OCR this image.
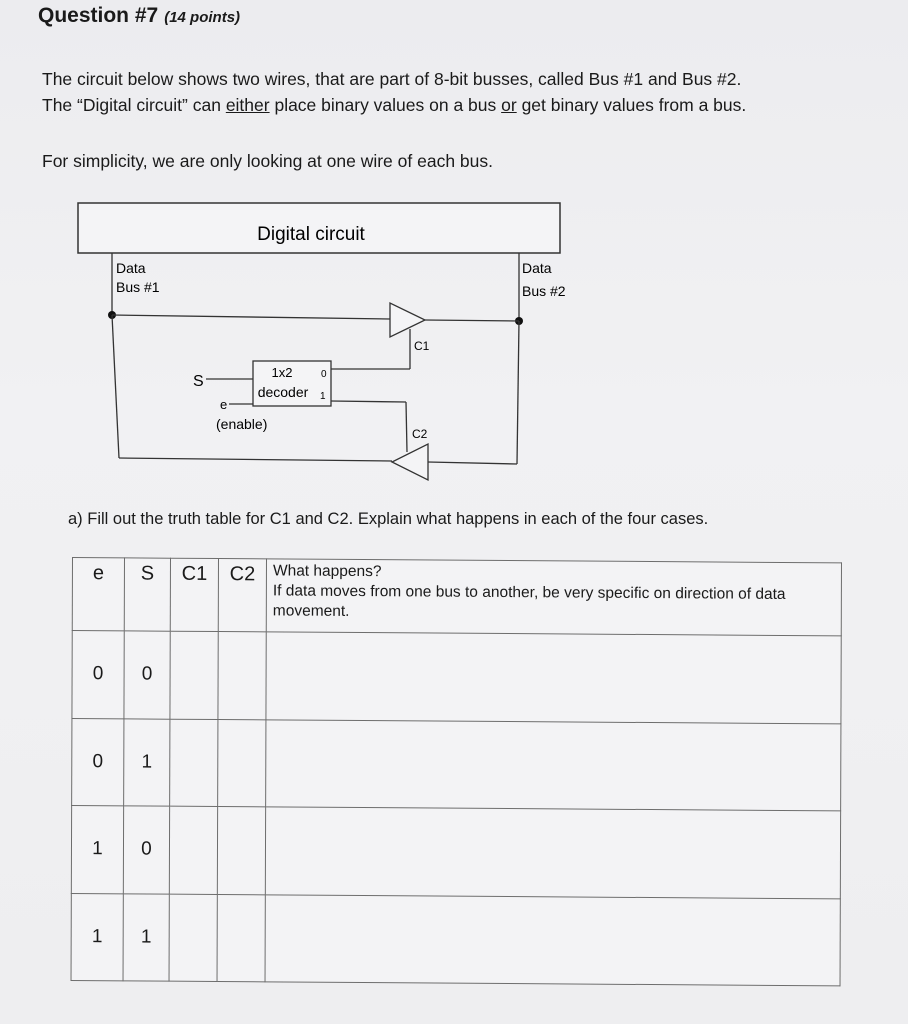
Question #7 (14 points)
The circuit below shows two wires, that are part of 8-bit busses, called Bus #1 and Bus #2.
The “Digital circuit” can either place binary values on a bus or get binary values from a bus.
For simplicity, we are only looking at one wire of each bus.
Digital circuit
Data
Bus #1
Data
Bus #2
C1
C2
1x2
decoder
0
1
S
e
(enable)
a) Fill out the truth table for C1 and C2. Explain what happens in each of the four cases.
e	S	C1	C2	What happens?
If data moves from one bus to another, be very specific on direction of data movement.

0	0			
0	1			
1	0			
1	1			
